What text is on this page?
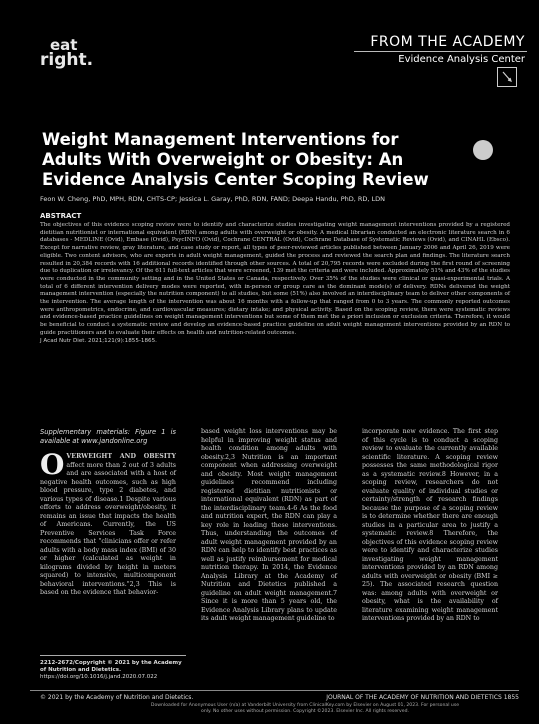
eat
right.
FROM THE ACADEMY
Evidence Analysis Center
Weight Management Interventions for Adults With Overweight or Obesity: An Evidence Analysis Center Scoping Review
Feon W. Cheng, PhD, MPH, RDN, CHTS-CP; Jessica L. Garay, PhD, RDN, FAND; Deepa Handu, PhD, RD, LDN
ABSTRACT
The objectives of this evidence scoping review were to identify and characterize studies investigating weight management interventions provided by a registered dietitian nutritionist or international equivalent (RDN) among adults with overweight or obesity. A medical librarian conducted an electronic literature search in 6 databases - MEDLINE (Ovid), Embase (Ovid), PsycINFO (Ovid), Cochrane CENTRAL (Ovid), Cochrane Database of Systematic Reviews (Ovid), and CINAHL (Ebsco). Except for narrative review, gray literature, and case study or report, all types of peer-reviewed articles published between January 2006 and April 26, 2019 were eligible. Two content advisors, who are experts in adult weight management, guided the process and reviewed the search plan and findings. The literature search resulted in 20,384 records with 16 additional records identified through other sources. A total of 20,795 records were excluded during the first round of screening due to duplication or irrelevancy. Of the 611 full-text articles that were screened, 139 met the criteria and were included. Approximately 51% and 43% of the studies were conducted in the community setting and in the United States or Canada, respectively. Over 35% of the studies were clinical or quasi-experimental trials. A total of 6 different intervention delivery modes were reported, with in-person or group care as the dominant mode(s) of delivery. RDNs delivered the weight management intervention (especially the nutrition component) to all studies, but some (51%) also involved an interdisciplinary team to deliver other components of the intervention. The average length of the intervention was about 16 months with a follow-up that ranged from 0 to 3 years. The commonly reported outcomes were anthropometrics, endocrine, and cardiovascular measures; dietary intake; and physical activity. Based on the scoping review, there were systematic reviews and evidence-based practice guidelines on weight management interventions but some of them met the a priori inclusion or exclusion criteria. Therefore, it would be beneficial to conduct a systematic review and develop an evidence-based practice guideline on adult weight management interventions provided by an RDN to guide practitioners and to evaluate their effects on health and nutrition-related outcomes.
J Acad Nutr Diet. 2021;121(9):1855-1865.
Supplementary materials: Figure 1 is available at www.jandonline.org
O VERWEIGHT AND OBESITY affect more than 2 out of 3 adults and are associated with a host of negative health outcomes, such as high blood pressure, type 2 diabetes, and various types of disease.1 Despite various efforts to address overweight/obesity, it remains an issue that impacts the health of Americans. Currently, the US Preventive Services Task Force recommends that "clinicians offer or refer adults with a body mass index (BMI) of 30 or higher (calculated as weight in kilograms divided by height in meters squared) to intensive, multicomponent behavioral interventions."2,3 This is based on the evidence that behavior-
based weight loss interventions may be helpful in improving weight status and health condition among adults with obesity.2,3 Nutrition is an important component when addressing overweight and obesity. Most weight management guidelines recommend including registered dietitian nutritionists or international equivalent (RDN) as part of the interdisciplinary team.4-6 As the food and nutrition expert, the RDN can play a key role in leading these interventions. Thus, understanding the outcomes of adult weight management provided by an RDN can help to identify best practices as well as justify reimbursement for medical nutrition therapy. In 2014, the Evidence Analysis Library at the Academy of Nutrition and Dietetics published a guideline on adult weight management.7 Since it is more than 5 years old, the Evidence Analysis Library plans to update its adult weight management guideline to
incorporate new evidence. The first step of this cycle is to conduct a scoping review to evaluate the currently available scientific literature. A scoping review possesses the same methodological rigor as a systematic review.8 However, in a scoping review, researchers do not evaluate quality of individual studies or certainty/strength of research findings because the purpose of a scoping review is to determine whether there are enough studies in a particular area to justify a systematic review.8 Therefore, the objectives of this evidence scoping review were to identify and characterize studies investigating weight management interventions provided by an RDN among adults with overweight or obesity (BMI ≥ 25). The associated research question was: among adults with overweight or obesity, what is the availability of literature examining weight management interventions provided by an RDN to
2212-2672/Copyright © 2021 by the Academy of Nutrition and Dietetics.
https://doi.org/10.1016/j.jand.2020.07.022
© 2021 by the Academy of Nutrition and Dietetics.	JOURNAL OF THE ACADEMY OF NUTRITION AND DIETETICS 1855
Downloaded for Anonymous User (n/a) at Vanderbilt University from ClinicalKey.com by Elsevier on August 01, 2023. For personal use only. No other uses without permission. Copyright ©2023. Elsevier Inc. All rights reserved.
